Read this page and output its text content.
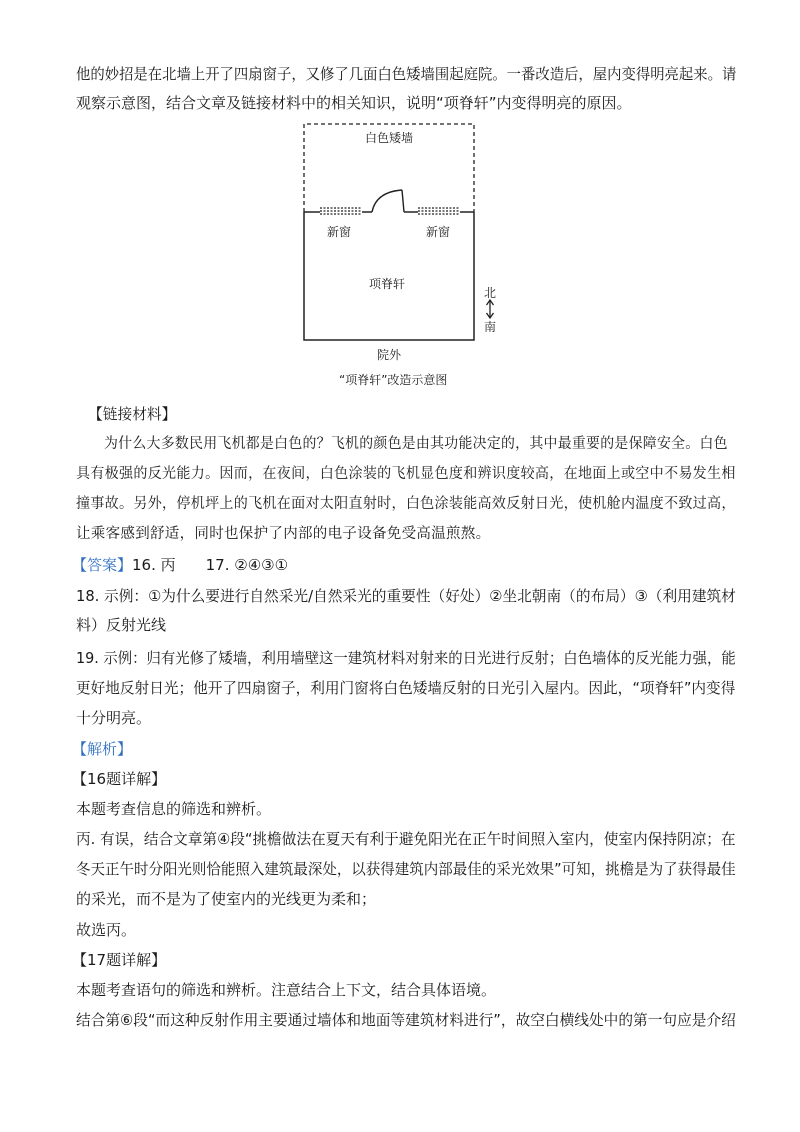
他的妙招是在北墙上开了四扇窗子，又修了几面白色矮墙围起庭院。一番改造后，屋内变得明亮起来。请
观察示意图，结合文章及链接材料中的相关知识，说明“项脊轩”内变得明亮的原因。
白色矮墙
新窗	新窗
项脊轩
北
南
院外
“项脊轩”改造示意图
【链接材料】
为什么大多数民用飞机都是白色的？飞机的颜色是由其功能决定的，其中最重要的是保障安全。白色
具有极强的反光能力。因而，在夜间，白色涂装的飞机显色度和辨识度较高，在地面上或空中不易发生相
撞事故。另外，停机坪上的飞机在面对太阳直射时，白色涂装能高效反射日光，使机舱内温度不致过高，
让乘客感到舒适，同时也保护了内部的电子设备免受高温煎熬。
【答案】16. 丙 17. ②④③①
18. 示例：①为什么要进行自然采光/自然采光的重要性（好处）②坐北朝南（的布局）③（利用建筑材
料）反射光线
19. 示例：归有光修了矮墙，利用墙壁这一建筑材料对射来的日光进行反射；白色墙体的反光能力强，能
更好地反射日光；他开了四扇窗子，利用门窗将白色矮墙反射的日光引入屋内。因此，“项脊轩”内变得
十分明亮。
【解析】
【16题详解】
本题考查信息的筛选和辨析。
丙. 有误，结合文章第④段“挑檐做法在夏天有利于避免阳光在正午时间照入室内，使室内保持阴凉；在
冬天正午时分阳光则恰能照入建筑最深处，以获得建筑内部最佳的采光效果”可知，挑檐是为了获得最佳
的采光，而不是为了使室内的光线更为柔和；
故选丙。
【17题详解】
本题考查语句的筛选和辨析。注意结合上下文，结合具体语境。
结合第⑥段“而这种反射作用主要通过墙体和地面等建筑材料进行”，故空白横线处中的第一句应是介绍
